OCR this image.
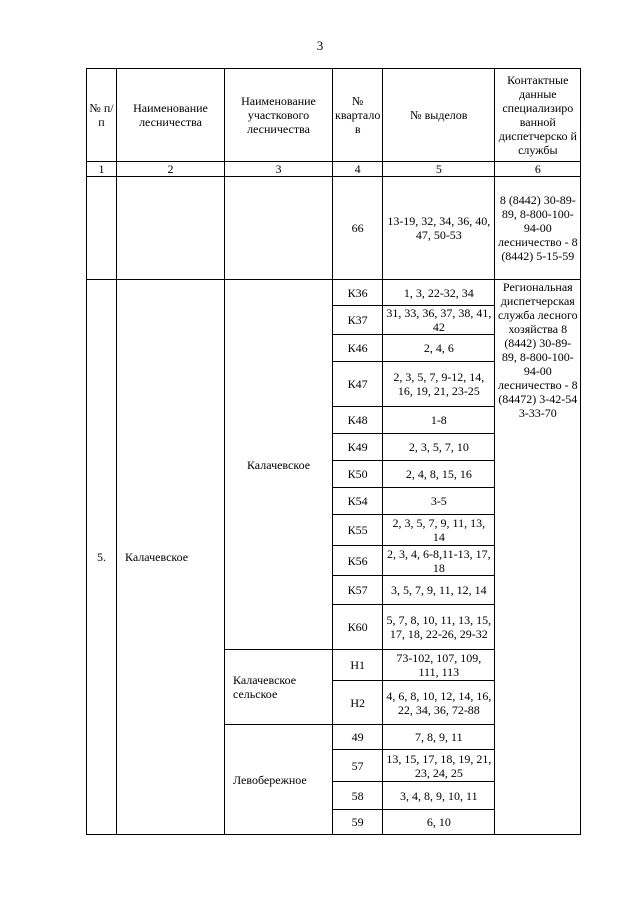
3
№ п/п	Наименование лесничества	Наименование участкового лесничества	№ квартало в	№ выделов	Контактные данные специализиро ванной диспетчерско й службы
1	2	3	4	5	6
			66	13-19, 32, 34, 36, 40, 47, 50-53	8 (8442) 30-89-89, 8-800-100-94-00 лесничество - 8 (8442) 5-15-59
5.	Калачевское	Калачевское	К36	1, 3, 22-32, 34	Региональная диспетчерская служба лесного хозяйства 8 (8442) 30-89-89, 8-800-100-94-00 лесничество - 8 (84472) 3-42-54 3-33-70
			К37	31, 33, 36, 37, 38, 41, 42	
			К46	2, 4, 6	
			К47	2, 3, 5, 7, 9-12, 14, 16, 19, 21, 23-25	
			К48	1-8	
			К49	2, 3, 5, 7, 10	
			К50	2, 4, 8, 15, 16	
			К54	3-5	
			К55	2, 3, 5, 7, 9, 11, 13, 14	
			К56	2, 3, 4, 6-8,11-13, 17, 18	
			К57	3, 5, 7, 9, 11, 12, 14	
			К60	5, 7, 8, 10, 11, 13, 15, 17, 18, 22-26, 29-32	
		Калачевское сельское	Н1	73-102, 107, 109, 111, 113	
			Н2	4, 6, 8, 10, 12, 14, 16, 22, 34, 36, 72-88	
		Левобережное	49	7, 8, 9, 11	
			57	13, 15, 17, 18, 19, 21, 23, 24, 25	
			58	3, 4, 8, 9, 10, 11	
			59	6, 10	
